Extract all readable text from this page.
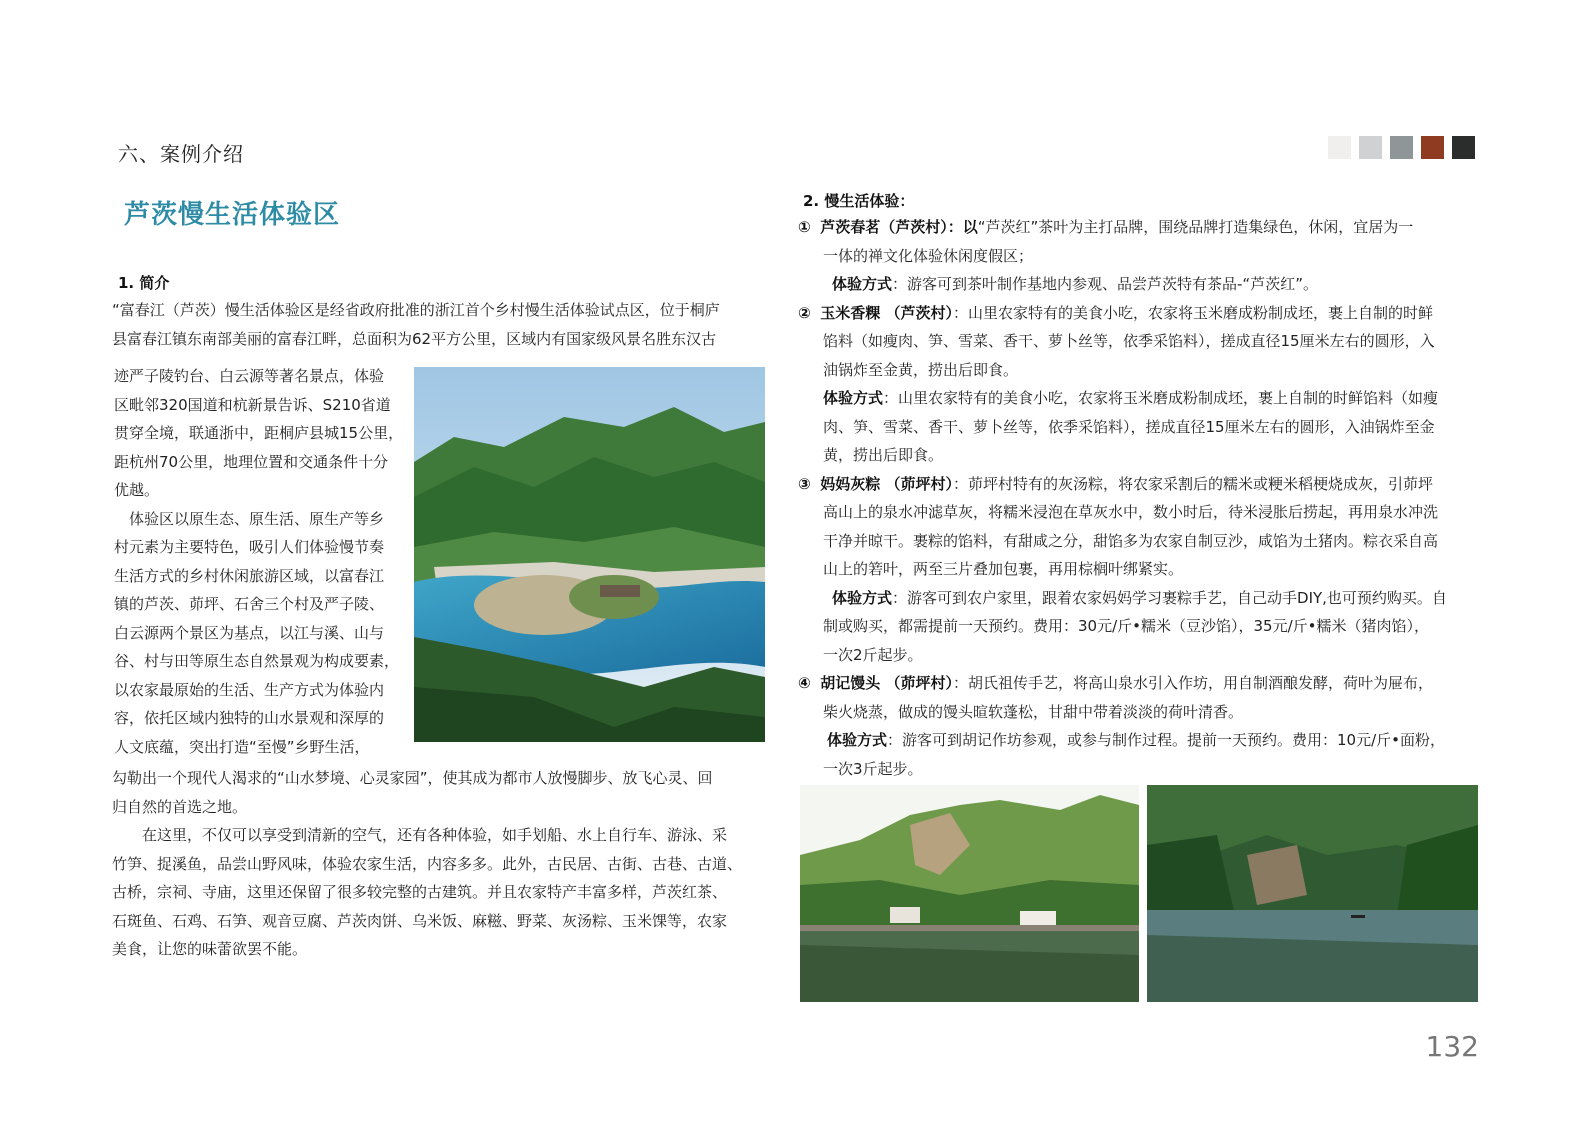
六、案例介绍
芦茨慢生活体验区
1. 简介

“富春江（芦茨）慢生活体验区是经省政府批准的浙江首个乡村慢生活体验试点区，位于桐庐

县富春江镇东南部美丽的富春江畔，总面积为62平方公里，区域内有国家级风景名胜东汉古

迹严子陵钓台、白云源等著名景点，体验

区毗邻320国道和杭新景告诉、S210省道

贯穿全境，联通浙中，距桐庐县城15公里，

距杭州70公里，地理位置和交通条件十分

优越。

　体验区以原生态、原生活、原生产等乡

村元素为主要特色，吸引人们体验慢节奏

生活方式的乡村休闲旅游区域，以富春江

镇的芦茨、茆坪、石舍三个村及严子陵、

白云源两个景区为基点，以江与溪、山与

谷、村与田等原生态自然景观为构成要素，

以农家最原始的生活、生产方式为体验内

容，依托区域内独特的山水景观和深厚的

人文底蕴，突出打造“至慢”乡野生活，

勾勒出一个现代人渴求的“山水梦境、心灵家园”，使其成为都市人放慢脚步、放飞心灵、回

归自然的首选之地。

　　在这里，不仅可以享受到清新的空气，还有各种体验，如手划船、水上自行车、游泳、采

竹笋、捉溪鱼，品尝山野风味，体验农家生活，内容多多。此外，古民居、古街、古巷、古道、

古桥，宗祠、寺庙，这里还保留了很多较完整的古建筑。并且农家特产丰富多样，芦茨红茶、

石斑鱼、石鸡、石笋、观音豆腐、芦茨肉饼、乌米饭、麻糍、野菜、灰汤粽、玉米馃等，农家

美食，让您的味蕾欲罢不能。

2. 慢生活体验：

① 芦茨春茗（芦茨村）：以“芦茨红”茶叶为主打品牌，围绕品牌打造集绿色，休闲，宜居为一

一体的禅文化体验休闲度假区；

体验方式：游客可到茶叶制作基地内参观、品尝芦茨特有茶品-“芦茨红”。

② 玉米香粿 （芦茨村）：山里农家特有的美食小吃，农家将玉米磨成粉制成坯，裹上自制的时鲜

馅料（如瘦肉、笋、雪菜、香干、萝卜丝等，依季采馅料），搓成直径15厘米左右的圆形，入

油锅炸至金黄，捞出后即食。

体验方式：山里农家特有的美食小吃，农家将玉米磨成粉制成坯，裹上自制的时鲜馅料（如瘦

肉、笋、雪菜、香干、萝卜丝等，依季采馅料），搓成直径15厘米左右的圆形，入油锅炸至金

黄，捞出后即食。

③ 妈妈灰粽 （茆坪村）：茆坪村特有的灰汤粽，将农家采割后的糯米或粳米稻梗烧成灰，引茆坪

高山上的泉水冲滤草灰，将糯米浸泡在草灰水中，数小时后，待米浸胀后捞起，再用泉水冲洗

干净并晾干。裹粽的馅料，有甜咸之分，甜馅多为农家自制豆沙，咸馅为土猪肉。粽衣采自高

山上的箬叶，两至三片叠加包裹，再用棕榈叶绑紧实。

体验方式：游客可到农户家里，跟着农家妈妈学习裹粽手艺，自己动手DIY,也可预约购买。自

制或购买，都需提前一天预约。费用：30元/斤•糯米（豆沙馅），35元/斤•糯米（猪肉馅），

一次2斤起步。

④ 胡记馒头 （茆坪村）：胡氏祖传手艺，将高山泉水引入作坊，用自制酒酿发酵，荷叶为屉布，

柴火烧蒸，做成的馒头暄软蓬松，甘甜中带着淡淡的荷叶清香。

体验方式：游客可到胡记作坊参观，或参与制作过程。提前一天预约。费用：10元/斤•面粉，

一次3斤起步。

132
